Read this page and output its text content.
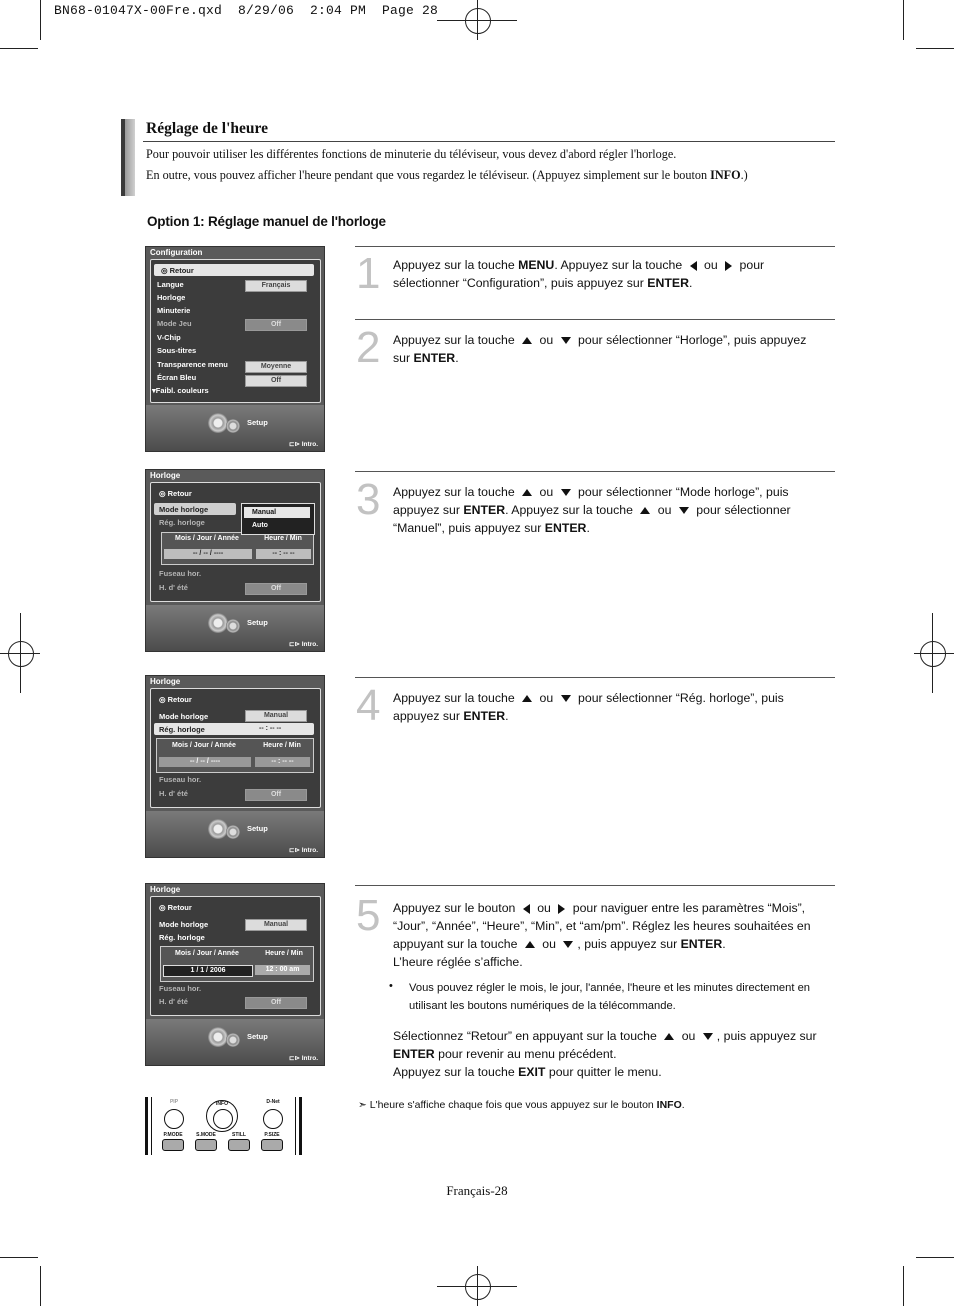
BN68-01047X-00Fre.qxd  8/29/06  2:04 PM  Page 28
Réglage de l'heure
Pour pouvoir utiliser les différentes fonctions de minuterie du téléviseur, vous devez d'abord régler l'horloge.
En outre, vous pouvez afficher l'heure pendant que vous regardez le téléviseur. (Appuyez simplement sur le bouton INFO.)
Option 1: Réglage manuel de l'horloge
Configuration
◎ Retour
Langue	Français
Horloge
Minuterie
Mode Jeu	Off
V-Chip
Sous-titres
Transparence menu	Moyenne
Écran Bleu	Off
▾Faibl. couleurs
Setup
⊏⊳ Intro.
Horloge
◎ Retour
Mode horloge
Rég. horloge
Mois / Jour / Année	Heure / Min
-- / -- / ----	-- : -- --
Fuseau hor.
H. d' été	Off
Manual
Auto
Setup
⊏⊳ Intro.
Horloge
◎ Retour
Mode horloge	Manual
Rég. horloge	-- : -- --
Mois / Jour / Année	Heure / Min
-- / -- / ----	-- : -- --
Fuseau hor.
H. d' été	Off
Setup
⊏⊳ Intro.
Horloge
◎ Retour
Mode horloge	Manual
Rég. horloge
Mois / Jour / Année	Heure / Min
1 / 1 / 2006	12 : 00 am
Fuseau hor.
H. d' été	Off
Setup
⊏⊳ Intro.
1 Appuyez sur la touche MENU. Appuyez sur la touche  ou  pour sélectionner “Configuration”, puis appuyez sur ENTER.
2 Appuyez sur la touche  ou  pour sélectionner “Horloge”, puis appuyez sur ENTER.
3 Appuyez sur la touche  ou  pour sélectionner “Mode horloge”, puis appuyez sur ENTER. Appuyez sur la touche  ou  pour sélectionner “Manuel”, puis appuyez sur ENTER.
4 Appuyez sur la touche  ou  pour sélectionner “Rég. horloge”, puis appuyez sur ENTER.
5 Appuyez sur le bouton  ou  pour naviguer entre les paramètres “Mois”, “Jour”, “Année”, “Heure”, “Min”, et “am/pm”. Réglez les heures souhaitées en appuyant sur la touche  ou , puis appuyez sur ENTER.
L’heure réglée s’affiche.
• Vous pouvez régler le mois, le jour, l'année, l'heure et les minutes directement en utilisant les boutons numériques de la télécommande.
Sélectionnez “Retour” en appuyant sur la touche  ou , puis appuyez sur ENTER pour revenir au menu précédent.
Appuyez sur la touche EXIT pour quitter le menu.
➣ L'heure s'affiche chaque fois que vous appuyez sur le bouton INFO.
PIP	INFO	D-Net
P.MODE	S.MODE	STILL	P.SIZE
Français-28
